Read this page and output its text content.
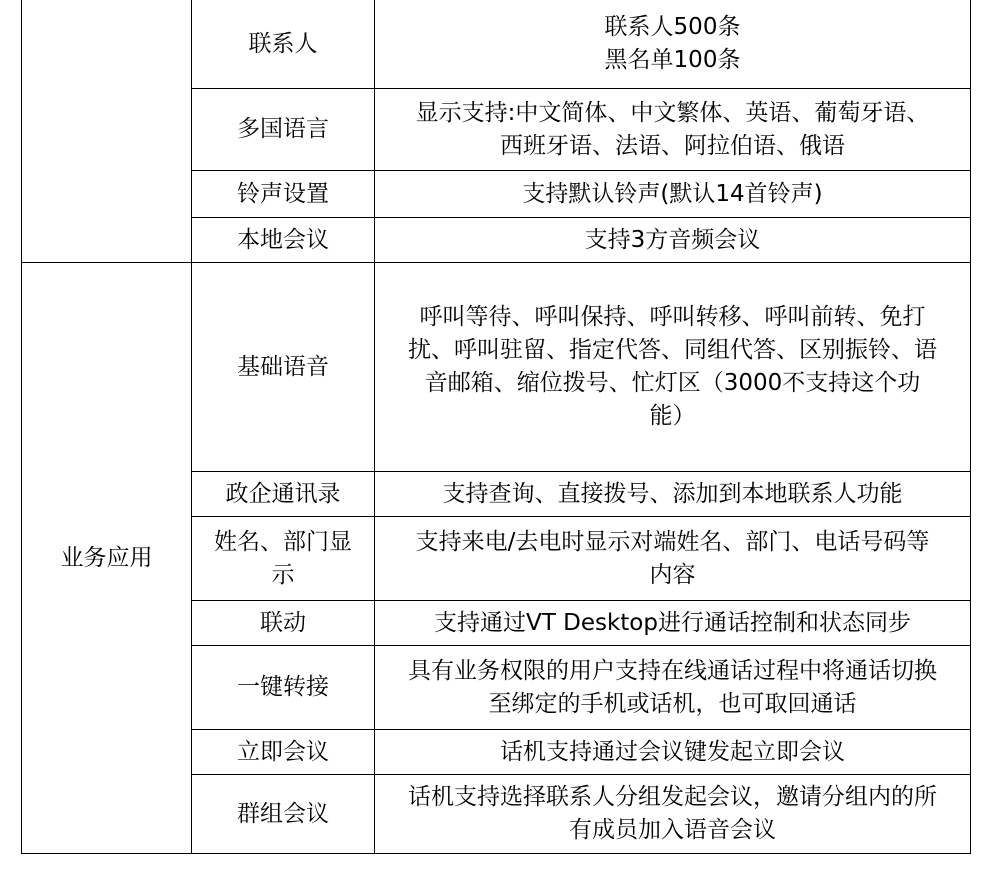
	联系人	联系人500条
黑名单100条

	多国语言	显示支持:中文简体、中文繁体、英语、葡萄牙语、
西班牙语、法语、阿拉伯语、俄语

	铃声设置	支持默认铃声(默认14首铃声)

	本地会议	支持3方音频会议

业务应用	基础语音	呼叫等待、呼叫保持、呼叫转移、呼叫前转、免打
扰、呼叫驻留、指定代答、同组代答、区别振铃、语
音邮箱、缩位拨号、忙灯区（3000不支持这个功
能）

	政企通讯录	支持查询、直接拨号、添加到本地联系人功能

	姓名、部门显
示	支持来电/去电时显示对端姓名、部门、电话号码等
内容

	联动	支持通过VT Desktop进行通话控制和状态同步

	一键转接	具有业务权限的用户支持在线通话过程中将通话切换
至绑定的手机或话机，也可取回通话

	立即会议	话机支持通过会议键发起立即会议

	群组会议	话机支持选择联系人分组发起会议，邀请分组内的所
有成员加入语音会议
